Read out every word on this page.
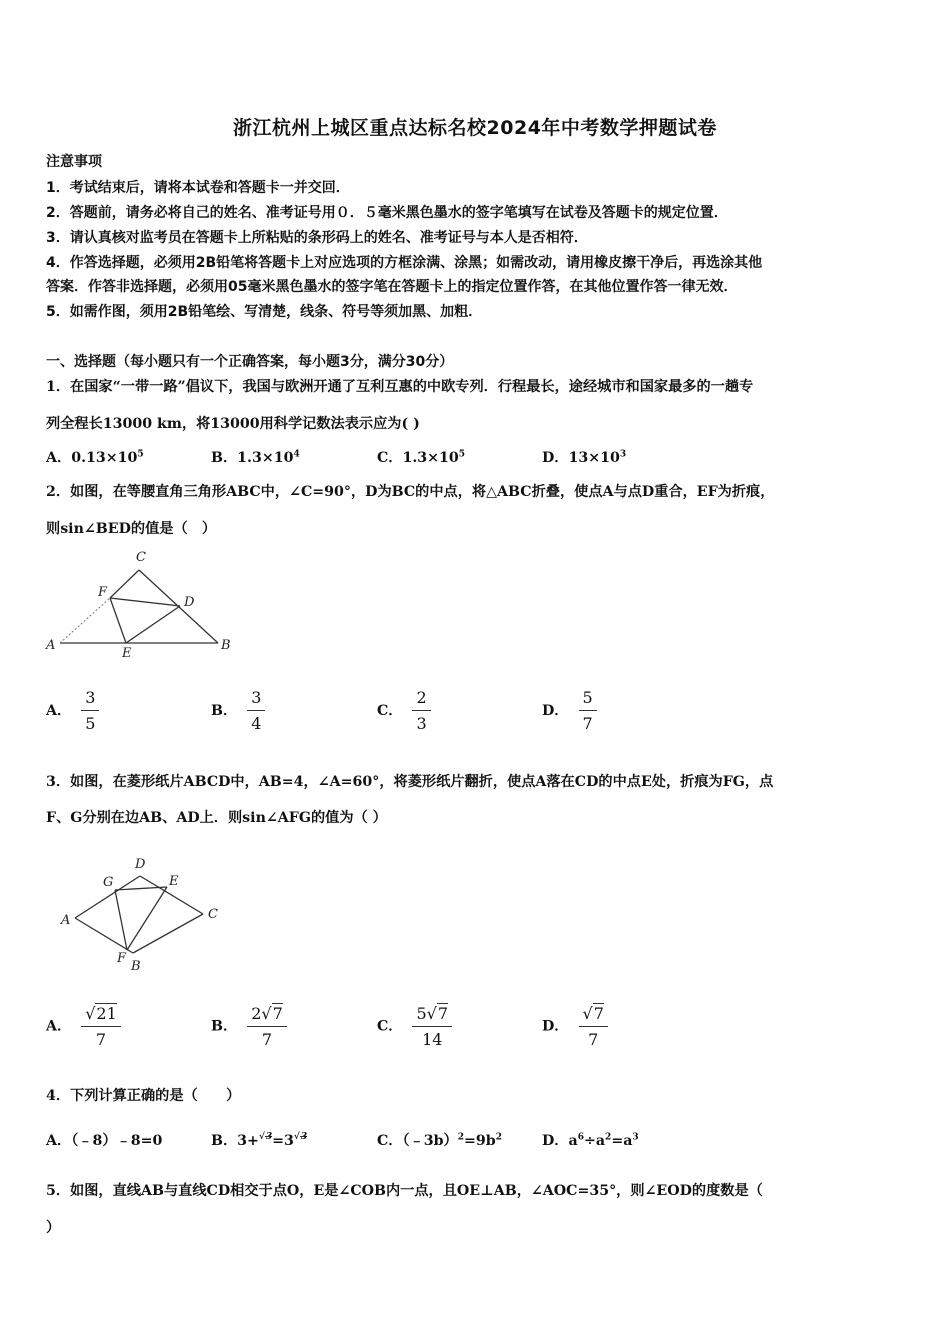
浙江杭州上城区重点达标名校2024年中考数学押题试卷
注意事项
1．考试结束后，请将本试卷和答题卡一并交回．
2．答题前，请务必将自己的姓名、准考证号用０．５毫米黑色墨水的签字笔填写在试卷及答题卡的规定位置．
3．请认真核对监考员在答题卡上所粘贴的条形码上的姓名、准考证号与本人是否相符．
4．作答选择题，必须用2B铅笔将答题卡上对应选项的方框涂满、涂黑；如需改动，请用橡皮擦干净后，再选涂其他
答案．作答非选择题，必须用05毫米黑色墨水的签字笔在答题卡上的指定位置作答，在其他位置作答一律无效．
5．如需作图，须用2B铅笔绘、写清楚，线条、符号等须加黑、加粗．
一、选择题（每小题只有一个正确答案，每小题3分，满分30分）
1．在国家“一带一路”倡议下，我国与欧洲开通了互利互惠的中欧专列．行程最长，途经城市和国家最多的一趟专
列全程长13000 km，将13000用科学记数法表示应为( )
A．$0.13\times 10^5$	B．$1.3\times 10^4$	C．$1.3\times 10^5$	D．$13\times 10^3$
2．如图，在等腰直角三角形ABC中，∠C=90°，D为BC的中点，将△ABC折叠，使点A与点D重合，EF为折痕，
则sin∠BED的值是（　）
C
F
D
A
E
B
A． $\frac{3}{5}$	B． $\frac{3}{4}$	C． $\frac{2}{3}$	D． $\frac{5}{7}$
3．如图，在菱形纸片ABCD中，AB=4，∠A=60°，将菱形纸片翻折，使点A落在CD的中点E处，折痕为FG，点
F、G分别在边AB、AD上．则sin∠AFG的值为（ ）
D
G	E
A	C
F
B
A． $\frac{√21}{7}$	B． $\frac{2√7}{7}$	C． $\frac{5√7}{14}$	D． $\frac{√7}{7}$
4．下列计算正确的是（　　）
A．（﹣8）﹣8=0	B．$3+^{√3}=3^{√3}$	C．$(﹣3b)^2=9b^2$	D．$a^6\div a^2=a^3$
5．如图，直线AB与直线CD相交于点O，E是∠COB内一点，且OE⊥AB，∠AOC=35°，则∠EOD的度数是（
）
